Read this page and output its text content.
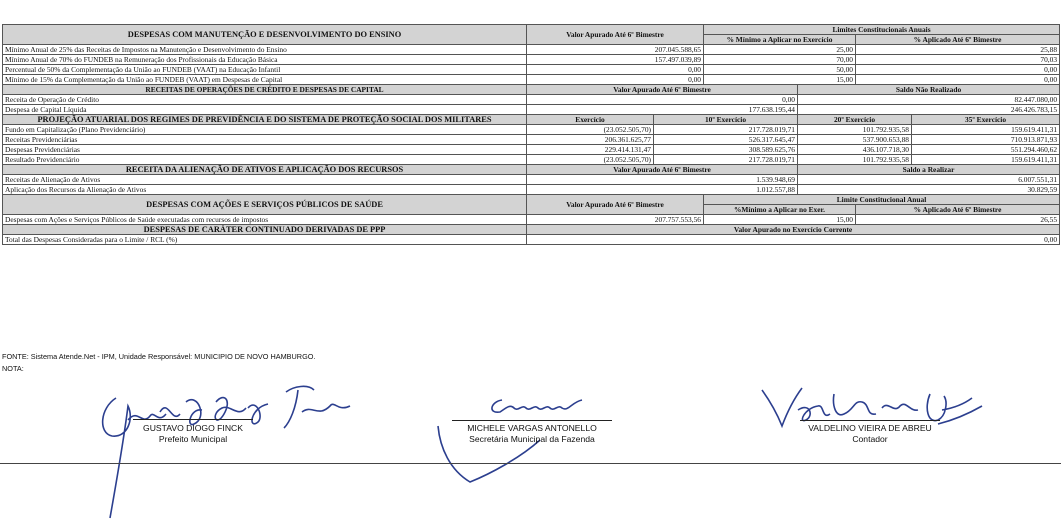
DESPESAS COM MANUTENÇÃO E DESENVOLVIMENTO DO ENSINO	Valor Apurado Até 6º Bimestre		Limites Constitucionais Anuais			
			% Mínimo a Aplicar no Exercício		% Aplicado Até 6º Bimestre	
Mínimo Anual de 25% das Receitas de Impostos na Manutenção e Desenvolvimento do Ensino	207.045.588,65		25,00		25,88	
Mínimo Anual de 70% do FUNDEB na Remuneração dos Profissionais da Educação Básica	157.497.039,89		70,00		70,03	
Percentual de 50% da Complementação da União ao FUNDEB (VAAT) na Educação Infantil	0,00		50,00		0,00	
Mínimo de 15% da Complementação da União ao FUNDEB (VAAT) em Despesas de Capital	0,00		15,00		0,00	
RECEITAS DE OPERAÇÕES DE CRÉDITO E DESPESAS DE CAPITAL	Valor Apurado Até 6º Bimestre			Saldo Não Realizado		
Receita de Operação de Crédito	0,00			82.447.080,00		
Despesa de Capital Líquida	177.638.195,44			246.426.783,15		
PROJEÇÃO ATUARIAL DOS REGIMES DE PREVIDÊNCIA E DO SISTEMA DE PROTEÇÃO SOCIAL DOS MILITARES	Exercício	10º Exercício		20º Exercício		35º Exercício
Fundo em Capitalização (Plano Previdenciário)	(23.052.505,70)	217.728.019,71		101.792.935,58		159.619.411,31
Receitas Previdenciárias	206.361.625,77	526.317.645,47		537.900.653,88		710.913.871,93
Despesas Previdenciárias	229.414.131,47	308.589.625,76		436.107.718,30		551.294.460,62
Resultado Previdenciário	(23.052.505,70)	217.728.019,71		101.792.935,58		159.619.411,31
RECEITA DA ALIENAÇÃO DE ATIVOS E APLICAÇÃO DOS RECURSOS	Valor Apurado Até 6º Bimestre			Saldo a Realizar		
Receitas de Alienação de Ativos	1.539.948,69			6.007.551,31		
Aplicação dos Recursos da Alienação de Ativos	1.012.557,88			30.829,59		
DESPESAS COM AÇÕES E SERVIÇOS PÚBLICOS DE SAÚDE	Valor Apurado Até 6º Bimestre		Limite Constitucional Anual			
			%Mínimo a Aplicar no Exer.		% Aplicado Até 6º Bimestre	
Despesas com Ações e Serviços Públicos de Saúde executadas com recursos de impostos	207.757.553,56		15,00		26,55	
DESPESAS DE CARÁTER CONTINUADO DERIVADAS DE PPP	Valor Apurado no Exercício Corrente					
Total das Despesas Consideradas para o Limite / RCL (%)	0,00					
FONTE: Sistema Atende.Net - IPM, Unidade Responsável: MUNICIPIO DE NOVO HAMBURGO.
NOTA:
GUSTAVO DIOGO FINCK
Prefeito Municipal
MICHELE VARGAS ANTONELLO
Secretária Municipal da Fazenda
VALDELINO VIEIRA DE ABREU
Contador
